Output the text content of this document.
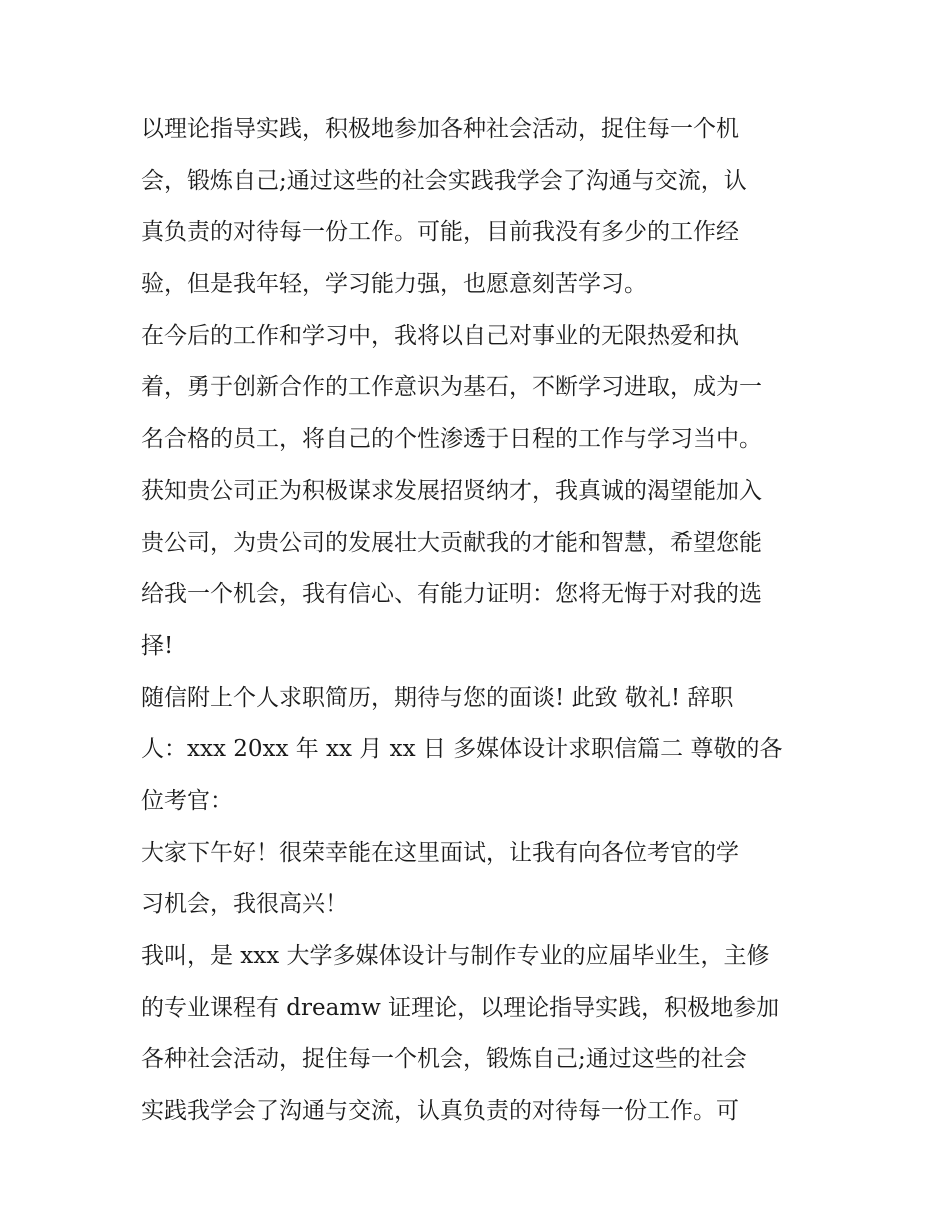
以理论指导实践，积极地参加各种社会活动，捉住每一个机
会，锻炼自己;通过这些的社会实践我学会了沟通与交流，认
真负责的对待每一份工作。可能，目前我没有多少的工作经
验，但是我年轻，学习能力强，也愿意刻苦学习。
在今后的工作和学习中，我将以自己对事业的无限热爱和执
着，勇于创新合作的工作意识为基石，不断学习进取，成为一
名合格的员工，将自己的个性渗透于日程的工作与学习当中。
获知贵公司正为积极谋求发展招贤纳才，我真诚的渴望能加入
贵公司，为贵公司的发展壮大贡献我的才能和智慧，希望您能
给我一个机会，我有信心、有能力证明：您将无悔于对我的选
择!
随信附上个人求职简历，期待与您的面谈! 此致 敬礼! 辞职
人：xxx 20xx 年 xx 月 xx 日 多媒体设计求职信篇二 尊敬的各
位考官：
大家下午好！很荣幸能在这里面试，让我有向各位考官的学
习机会，我很高兴！
我叫，是 xxx 大学多媒体设计与制作专业的应届毕业生，主修
的专业课程有 dreamw 证理论，以理论指导实践，积极地参加
各种社会活动，捉住每一个机会，锻炼自己;通过这些的社会
实践我学会了沟通与交流，认真负责的对待每一份工作。可
